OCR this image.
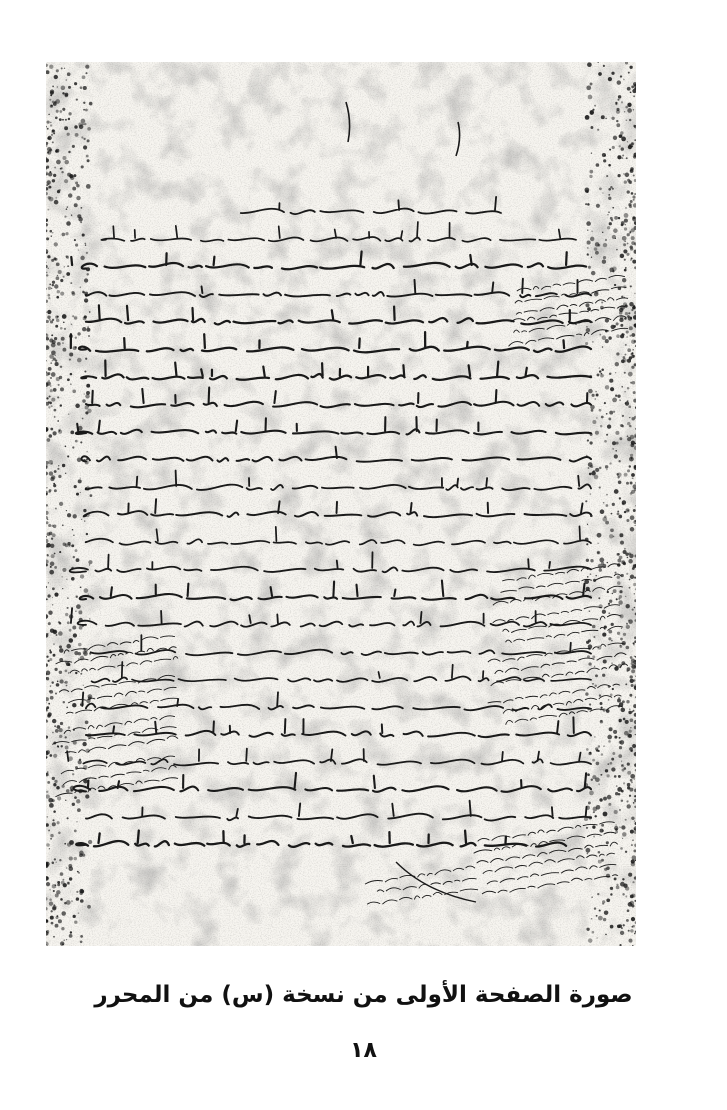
صورة الصفحة الأولى من نسخة (س) من المحرر
١٨
